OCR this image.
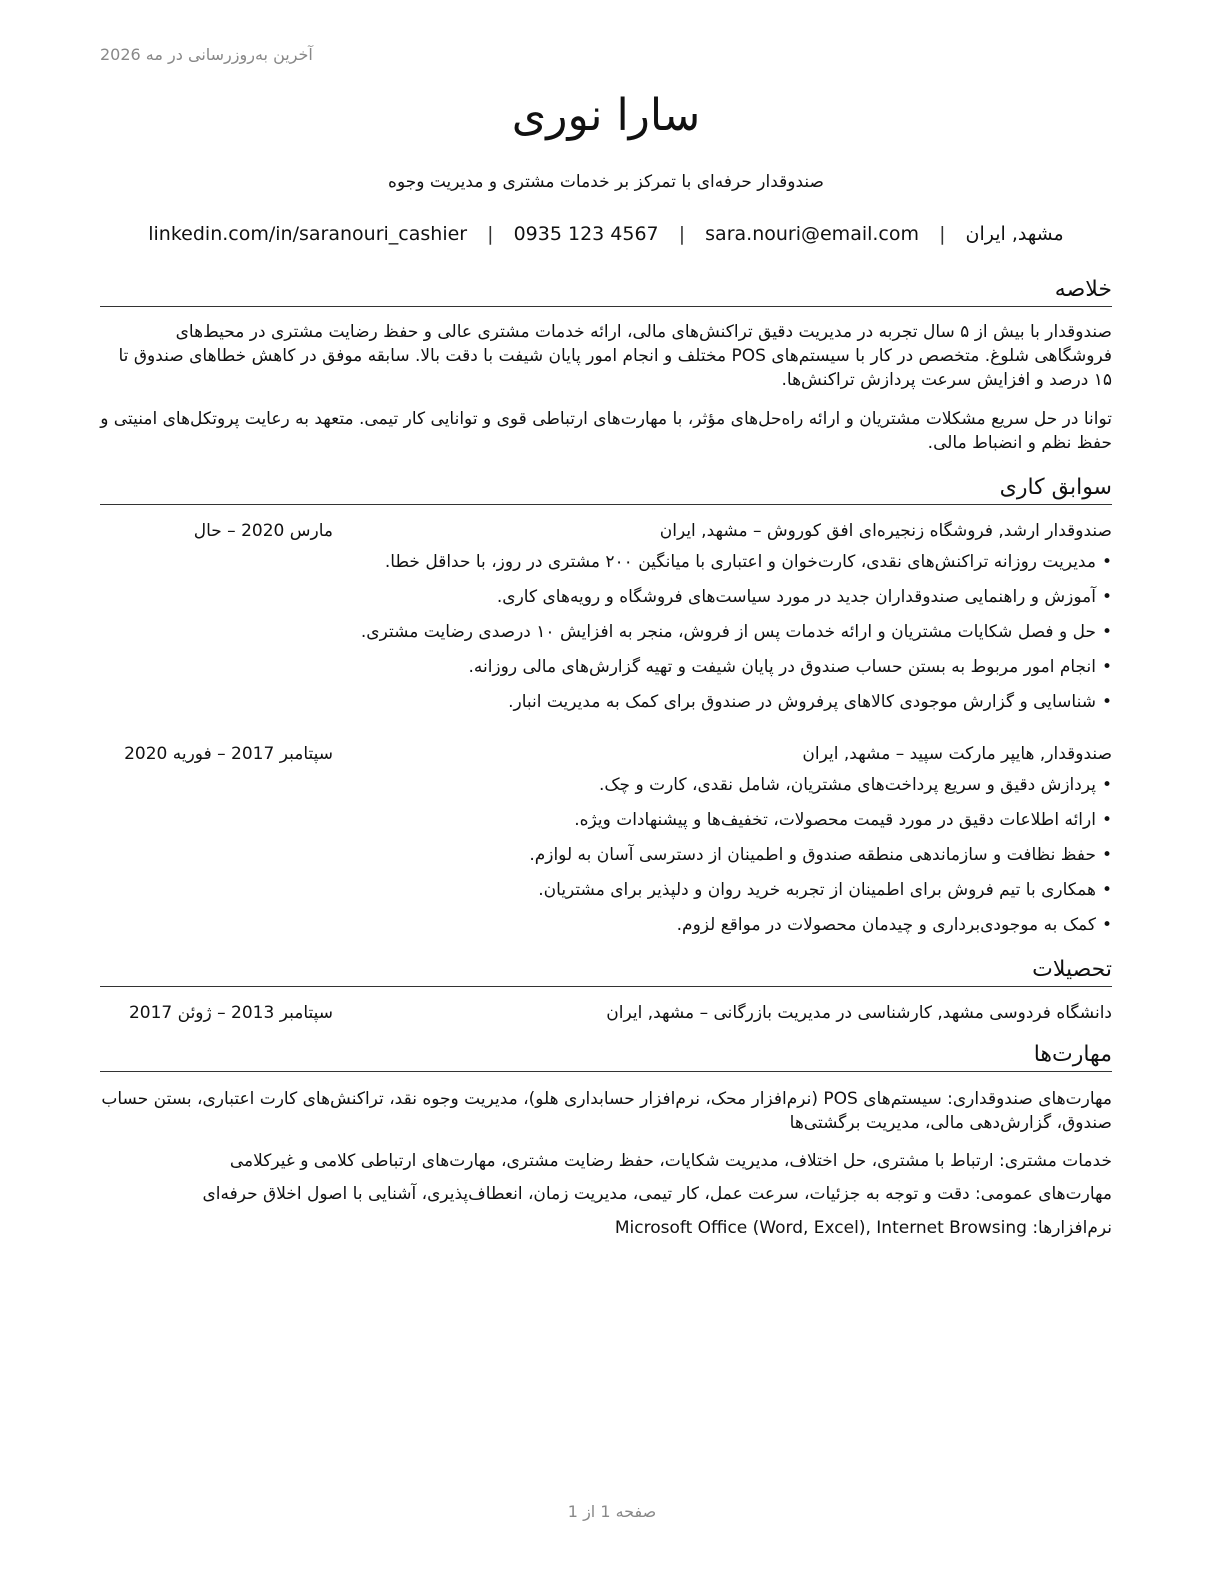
آخرین به‌روزرسانی در مه 2026
سارا نوری
صندوقدار حرفه‌ای با تمرکز بر خدمات مشتری و مدیریت وجوه
مشهد, ایران | sara.nouri@email.com | 0935 123 4567 | linkedin.com/in/saranouri_cashier
خلاصه
صندوقدار با بیش از ۵ سال تجربه در مدیریت دقیق تراکنش‌های مالی، ارائه خدمات مشتری عالی و حفظ رضایت مشتری در محیط‌های فروشگاهی شلوغ. متخصص در کار با سیستم‌های POS مختلف و انجام امور پایان شیفت با دقت بالا. سابقه موفق در کاهش خطاهای صندوق تا ۱۵ درصد و افزایش سرعت پردازش تراکنش‌ها.
توانا در حل سریع مشکلات مشتریان و ارائه راه‌حل‌های مؤثر، با مهارت‌های ارتباطی قوی و توانایی کار تیمی. متعهد به رعایت پروتکل‌های امنیتی و حفظ نظم و انضباط مالی.
سوابق کاری
صندوقدار ارشد, فروشگاه زنجیره‌ای افق کوروش – مشهد, ایران
مارس 2020 – حال
• مدیریت روزانه تراکنش‌های نقدی، کارت‌خوان و اعتباری با میانگین ۲۰۰ مشتری در روز، با حداقل خطا.
• آموزش و راهنمایی صندوقداران جدید در مورد سیاست‌های فروشگاه و رویه‌های کاری.
• حل و فصل شکایات مشتریان و ارائه خدمات پس از فروش، منجر به افزایش ۱۰ درصدی رضایت مشتری.
• انجام امور مربوط به بستن حساب صندوق در پایان شیفت و تهیه گزارش‌های مالی روزانه.
• شناسایی و گزارش موجودی کالاهای پرفروش در صندوق برای کمک به مدیریت انبار.
صندوقدار, هایپر مارکت سپید – مشهد, ایران
سپتامبر 2017 – فوریه 2020
• پردازش دقیق و سریع پرداخت‌های مشتریان، شامل نقدی، کارت و چک.
• ارائه اطلاعات دقیق در مورد قیمت محصولات، تخفیف‌ها و پیشنهادات ویژه.
• حفظ نظافت و سازماندهی منطقه صندوق و اطمینان از دسترسی آسان به لوازم.
• همکاری با تیم فروش برای اطمینان از تجربه خرید روان و دلپذیر برای مشتریان.
• کمک به موجودی‌برداری و چیدمان محصولات در مواقع لزوم.
تحصیلات
دانشگاه فردوسی مشهد, کارشناسی در مدیریت بازرگانی – مشهد, ایران
سپتامبر 2013 – ژوئن 2017
مهارت‌ها
مهارت‌های صندوقداری: سیستم‌های POS (نرم‌افزار محک، نرم‌افزار حسابداری هلو)، مدیریت وجوه نقد، تراکنش‌های کارت اعتباری، بستن حساب صندوق، گزارش‌دهی مالی، مدیریت برگشتی‌ها
خدمات مشتری: ارتباط با مشتری، حل اختلاف، مدیریت شکایات، حفظ رضایت مشتری، مهارت‌های ارتباطی کلامی و غیرکلامی
مهارت‌های عمومی: دقت و توجه به جزئیات، سرعت عمل، کار تیمی، مدیریت زمان، انعطاف‌پذیری، آشنایی با اصول اخلاق حرفه‌ای
نرم‌افزارها: Microsoft Office (Word, Excel), Internet Browsing
صفحه 1 از 1
